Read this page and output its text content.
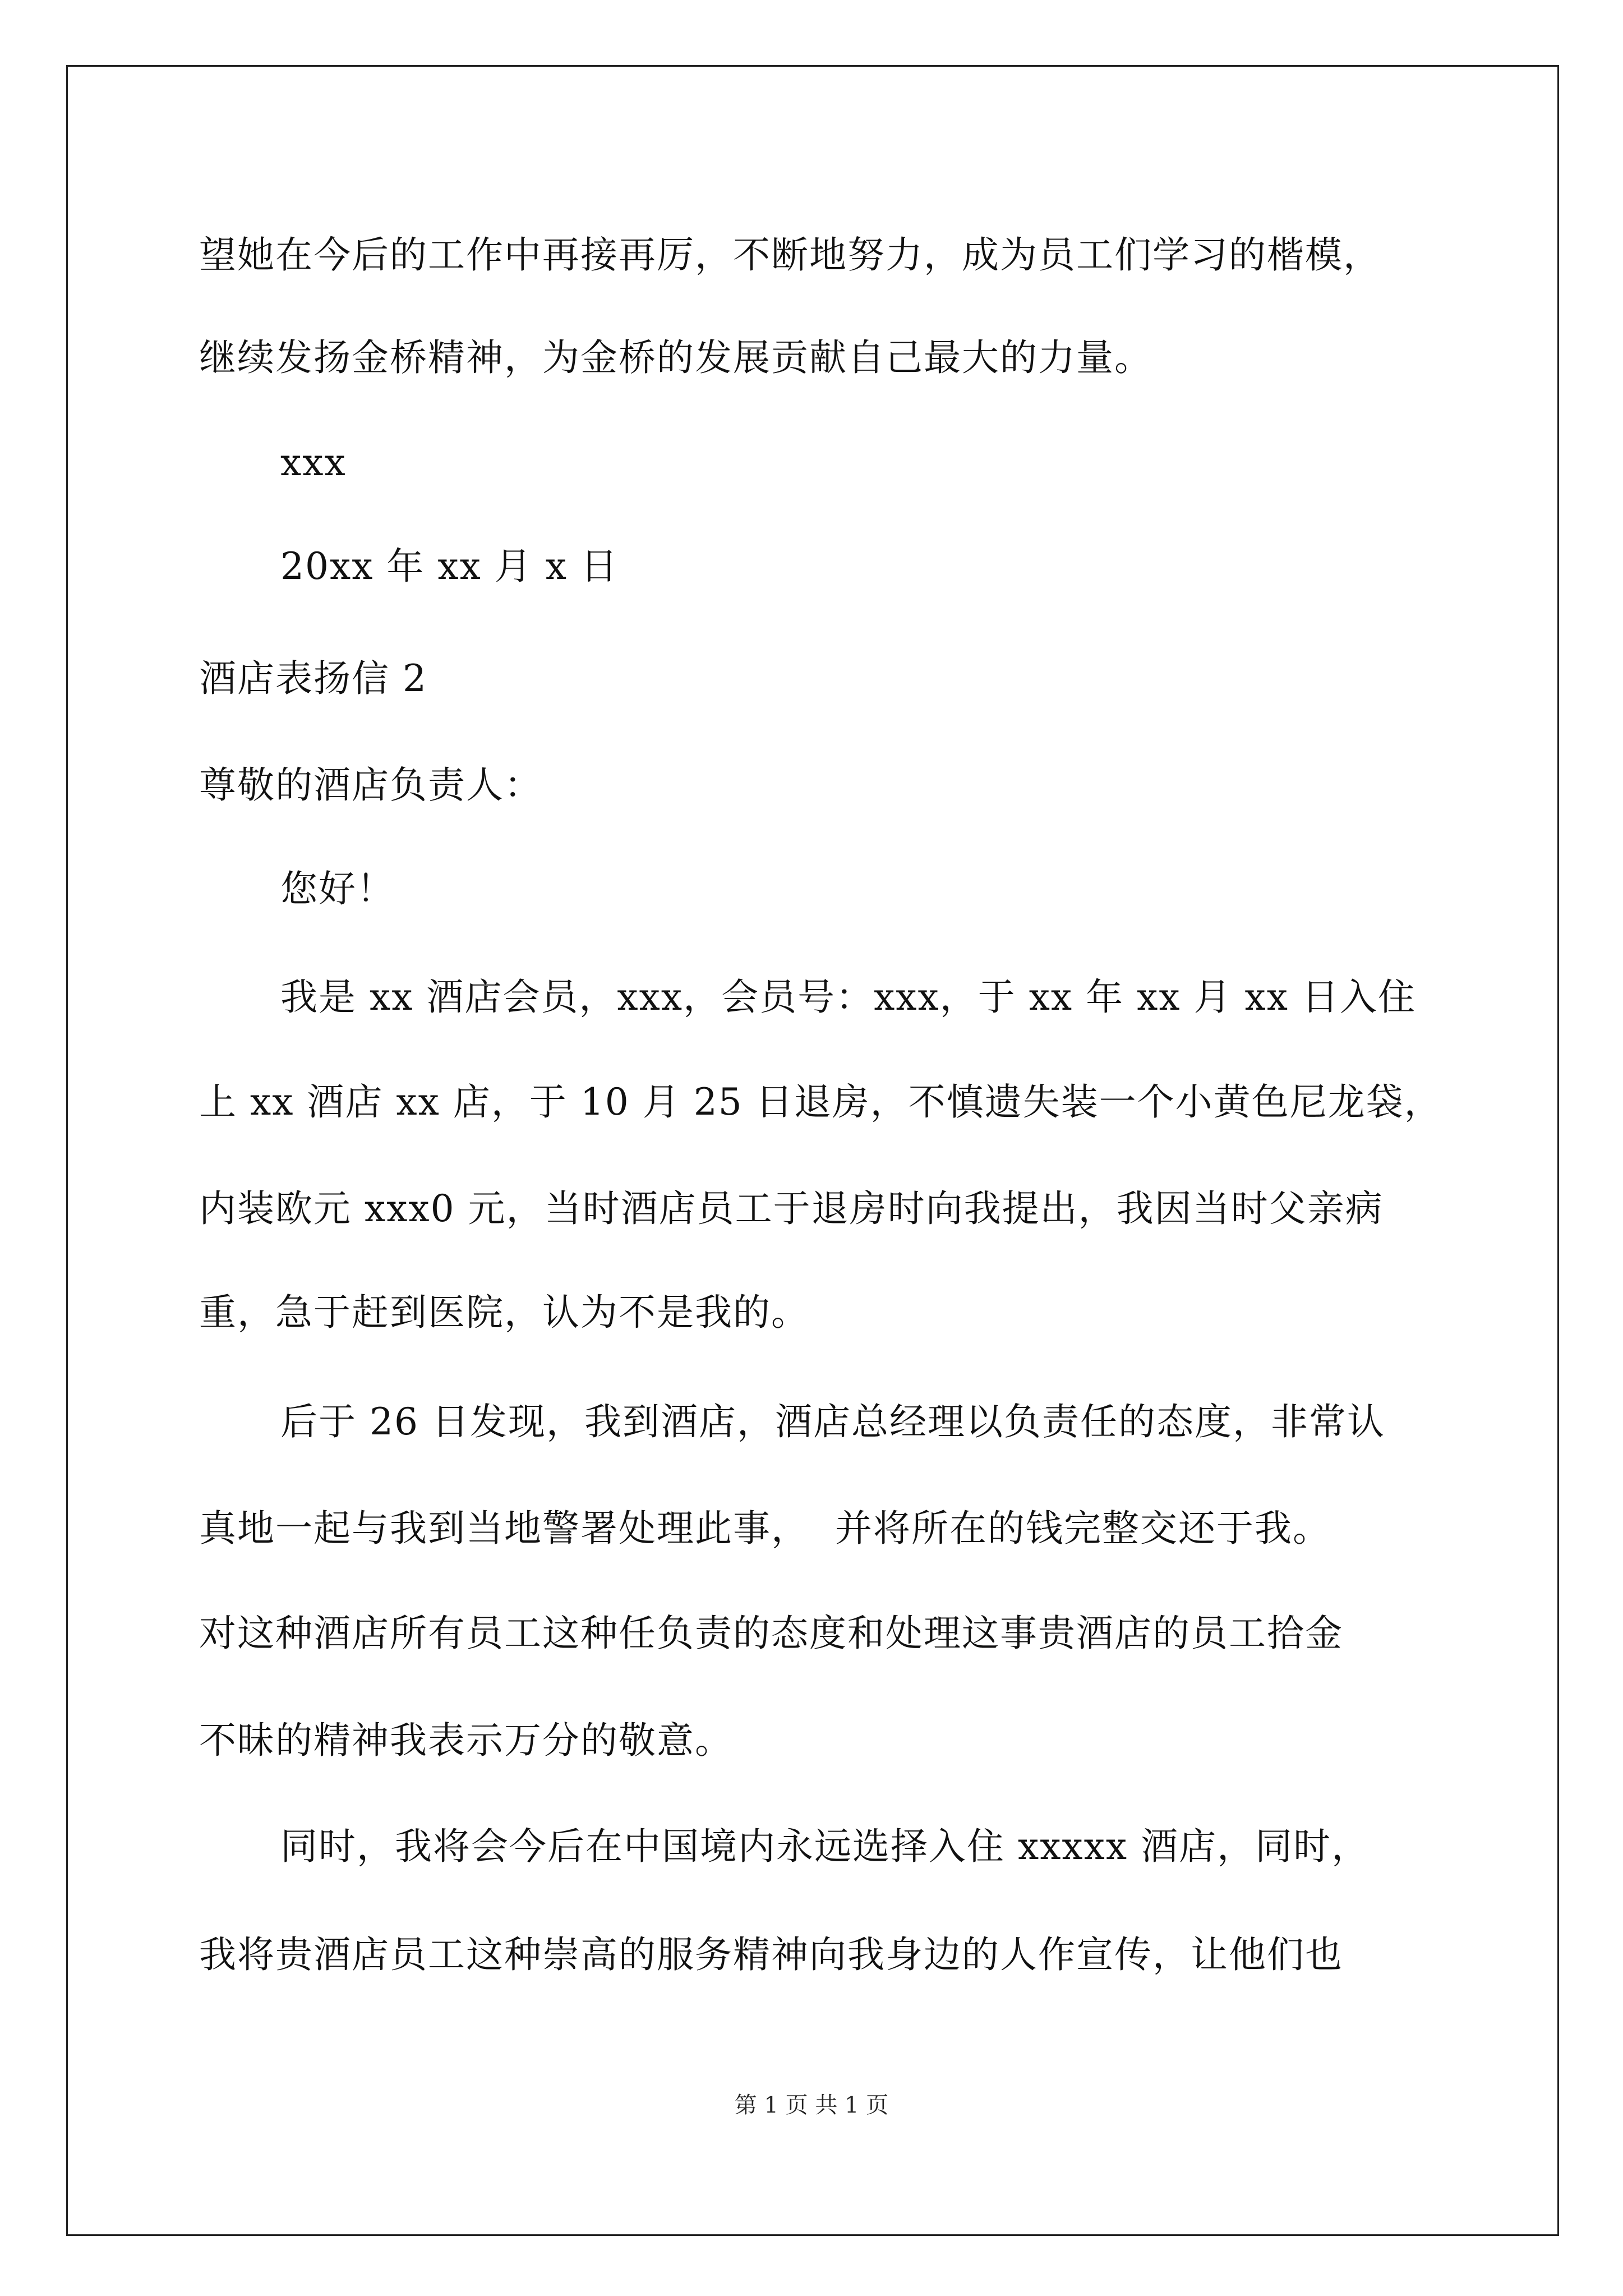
望她在今后的工作中再接再厉，不断地努力，成为员工们学习的楷模，
继续发扬金桥精神，为金桥的发展贡献自己最大的力量。
xxx
20xx 年 xx 月 x 日
酒店表扬信 2
尊敬的酒店负责人：
您好！
我是 xx 酒店会员，xxx，会员号：xxx，于 xx 年 xx 月 xx 日入住
上 xx 酒店 xx 店，于 10 月 25 日退房，不慎遗失装一个小黄色尼龙袋，
内装欧元 xxx0 元，当时酒店员工于退房时向我提出，我因当时父亲病
重，急于赶到医院，认为不是我的。
后于 26 日发现，我到酒店，酒店总经理以负责任的态度，非常认
真地一起与我到当地警署处理此事，  并将所在的钱完整交还于我。
对这种酒店所有员工这种任负责的态度和处理这事贵酒店的员工拾金
不昧的精神我表示万分的敬意。
同时，我将会今后在中国境内永远选择入住 xxxxx 酒店，同时，
我将贵酒店员工这种崇高的服务精神向我身边的人作宣传，让他们也
第 1 页 共 1 页
